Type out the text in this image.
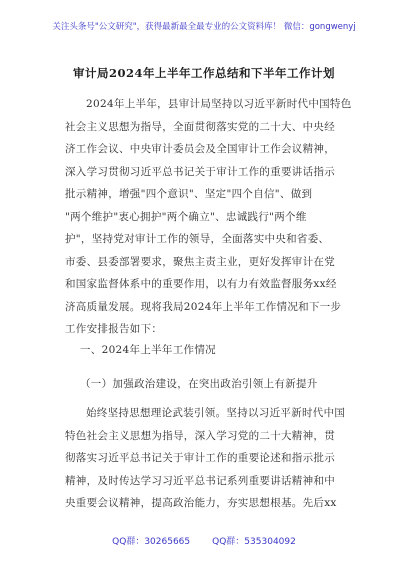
关注头条号"公文研究"，获得最新最全最专业的公文资料库！ 微信：gongwenyj
审计局2024年上半年工作总结和下半年工作计划
2024年上半年，县审计局坚持以习近平新时代中国特色
社会主义思想为指导，全面贯彻落实党的二十大、中央经
济工作会议、中央审计委员会及全国审计工作会议精神，
深入学习贯彻习近平总书记关于审计工作的重要讲话指示
批示精神，增强"四个意识"、坚定"四个自信"、做到
"两个维护"衷心拥护"两个确立"、忠诚践行"两个维
护"，坚持党对审计工作的领导，全面落实中央和省委、
市委、县委部署要求，聚焦主责主业，更好发挥审计在党
和国家监督体系中的重要作用，以有力有效监督服务xx经
济高质量发展。现将我局2024年上半年工作情况和下一步
工作安排报告如下：
一、2024年上半年工作情况
（一）加强政治建设，在突出政治引领上有新提升
始终坚持思想理论武装引领。坚持以习近平新时代中国
特色社会主义思想为指导，深入学习党的二十大精神，贯
彻落实习近平总书记关于审计工作的重要论述和指示批示
精神，及时传达学习习近平总书记系列重要讲话精神和中
央重要会议精神，提高政治能力，夯实思想根基。先后xx
QQ群：30265665 QQ群：535304092
